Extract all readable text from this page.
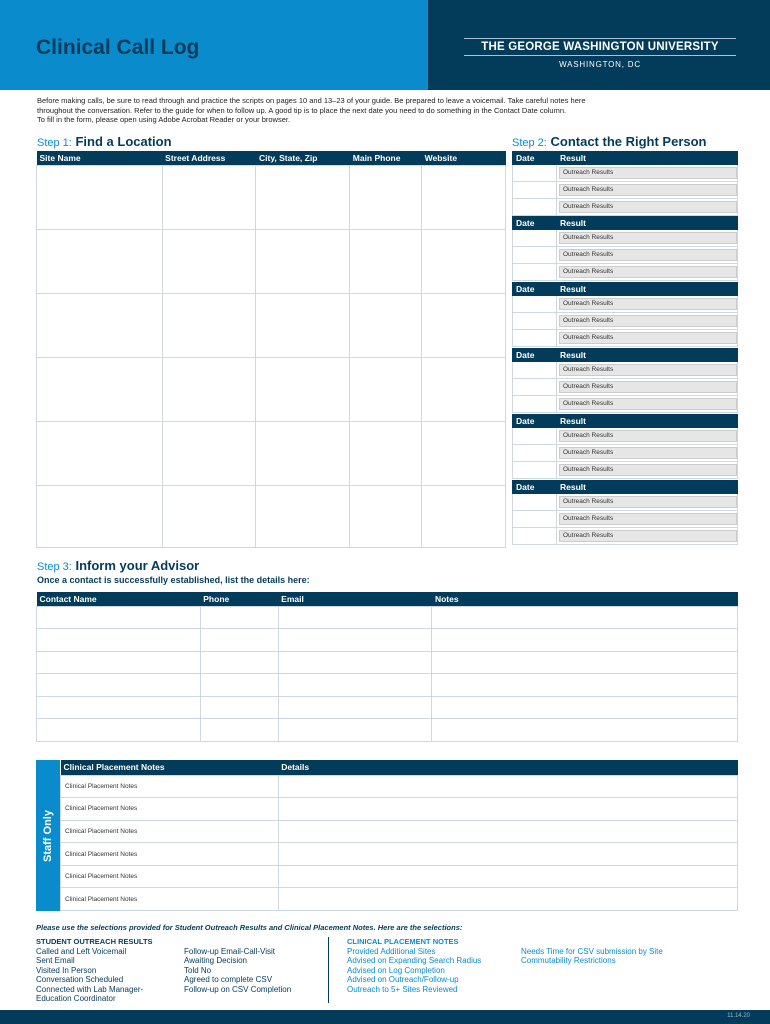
Clinical Call Log	THE GEORGE WASHINGTON UNIVERSITY
WASHINGTON, DC
Before making calls, be sure to read through and practice the scripts on pages 10 and 13–23 of your guide. Be prepared to leave a voicemail. Take careful notes here
throughout the conversation. Refer to the guide for when to follow up. A good tip is to place the next date you need to do something in the Contact Date column.
To fill in the form, please open using Adobe Acrobat Reader or your browser.
Step 1: Find a Location
Site Name	Street Address	City, State, Zip	Main Phone	Website

Step 2: Contact the Right Person
Date	Result
Outreach Results
Outreach Results
Outreach Results
Date	Result
Outreach Results
Outreach Results
Outreach Results
Date	Result
Outreach Results
Outreach Results
Outreach Results
Date	Result
Outreach Results
Outreach Results
Outreach Results
Date	Result
Outreach Results
Outreach Results
Outreach Results
Date	Result
Outreach Results
Outreach Results
Outreach Results
Step 3: Inform your Advisor
Once a contact is successfully established, list the details here:
Contact Name	Phone	Email	Notes

Staff Only
Clinical Placement Notes	Details
Clinical Placement Notes	
Clinical Placement Notes	
Clinical Placement Notes	
Clinical Placement Notes	
Clinical Placement Notes	
Clinical Placement Notes	
Please use the selections provided for Student Outreach Results and Clinical Placement Notes. Here are the selections:
STUDENT OUTREACH RESULTS
Called and Left Voicemail
Sent Email
Visited In Person
Conversation Scheduled
Connected with Lab Manager-
Education Coordinator
Follow-up Email-Call-Visit
Awaiting Decision
Told No
Agreed to complete CSV
Follow-up on CSV Completion
CLINICAL PLACEMENT NOTES
Provided Additional Sites
Advised on Expanding Search Radius
Advised on Log Completion
Advised on Outreach/Follow-up
Outreach to 5+ Sites Reviewed
Needs Time for CSV submission by Site
Commutability Restrictions
11.14.20
